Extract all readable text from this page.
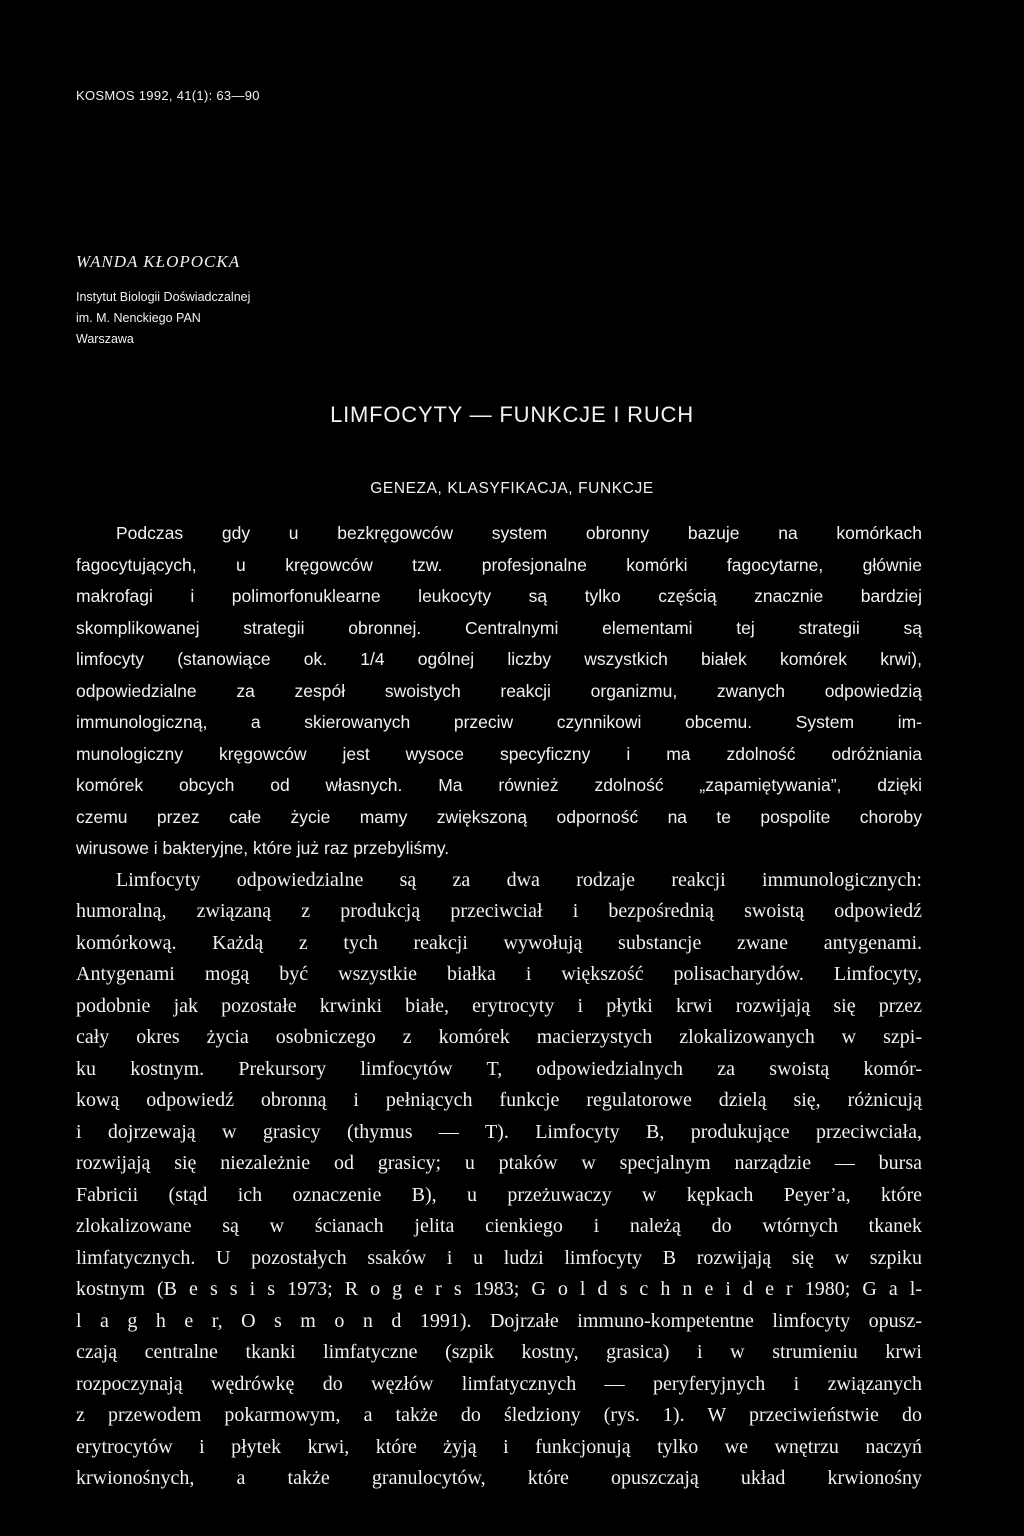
KOSMOS 1992, 41(1): 63—90
WANDA KŁOPOCKA
Instytut Biologii Doświadczalnej
im. M. Nenckiego PAN
Warszawa
LIMFOCYTY — FUNKCJE I RUCH
GENEZA, KLASYFIKACJA, FUNKCJE
Podczas gdy u bezkręgowców system obronny bazuje na komórkach
fagocytujących, u kręgowców tzw. profesjonalne komórki fagocytarne, głównie
makrofagi i polimorfonuklearne leukocyty są tylko częścią znacznie bardziej
skomplikowanej strategii obronnej. Centralnymi elementami tej strategii są
limfocyty (stanowiące ok. 1/4 ogólnej liczby wszystkich białek komórek krwi),
odpowiedzialne za zespół swoistych reakcji organizmu, zwanych odpowiedzią
immunologiczną, a skierowanych przeciw czynnikowi obcemu. System im-
munologiczny kręgowców jest wysoce specyficzny i ma zdolność odróżniania
komórek obcych od własnych. Ma również zdolność „zapamiętywania”, dzięki
czemu przez całe życie mamy zwiększoną odporność na te pospolite choroby
wirusowe i bakteryjne, które już raz przebyliśmy.
Limfocyty odpowiedzialne są za dwa rodzaje reakcji immunologicznych:
humoralną, związaną z produkcją przeciwciał i bezpośrednią swoistą odpowiedź
komórkową. Każdą z tych reakcji wywołują substancje zwane antygenami.
Antygenami mogą być wszystkie białka i większość polisacharydów. Limfocyty,
podobnie jak pozostałe krwinki białe, erytrocyty i płytki krwi rozwijają się przez
cały okres życia osobniczego z komórek macierzystych zlokalizowanych w szpi-
ku kostnym. Prekursory limfocytów T, odpowiedzialnych za swoistą komór-
kową odpowiedź obronną i pełniących funkcje regulatorowe dzielą się, różnicują
i dojrzewają w grasicy (thymus — T). Limfocyty B, produkujące przeciwciała,
rozwijają się niezależnie od grasicy; u ptaków w specjalnym narządzie — bursa
Fabricii (stąd ich oznaczenie B), u przeżuwaczy w kępkach Peyer’a, które
zlokalizowane są w ścianach jelita cienkiego i należą do wtórnych tkanek
limfatycznych. U pozostałych ssaków i u ludzi limfocyty B rozwijają się w szpiku
kostnym (B e s s i s 1973; R o g e r s 1983; G o l d s c h n e i d e r 1980; G a l-
l a g h e r, O s m o n d 1991). Dojrzałe immuno-kompetentne limfocyty opusz-
czają centralne tkanki limfatyczne (szpik kostny, grasica) i w strumieniu krwi
rozpoczynają wędrówkę do węzłów limfatycznych — peryferyjnych i związanych
z przewodem pokarmowym, a także do śledziony (rys. 1). W przeciwieństwie do
erytrocytów i płytek krwi, które żyją i funkcjonują tylko we wnętrzu naczyń
krwionośnych, a także granulocytów, które opuszczają układ krwionośny
